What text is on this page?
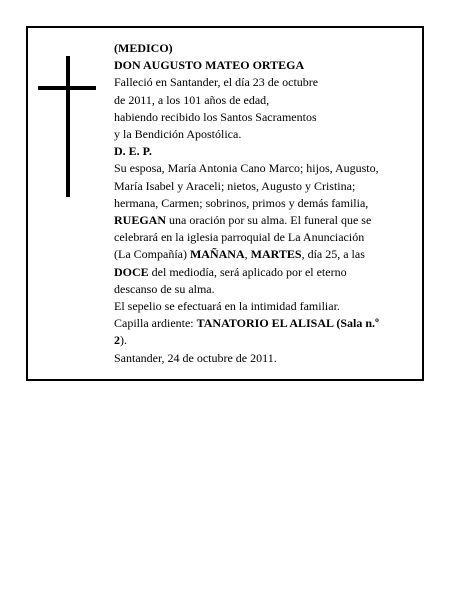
(MEDICO)
DON AUGUSTO MATEO ORTEGA
Falleció en Santander, el día 23 de octubre
de 2011, a los 101 años de edad,
habiendo recibido los Santos Sacramentos
y la Bendición Apostólica.
D. E. P.
Su esposa, María Antonia Cano Marco; hijos, Augusto,
María Isabel y Araceli; nietos, Augusto y Cristina;
hermana, Carmen; sobrinos, primos y demás familia,
RUEGAN una oración por su alma. El funeral que se
celebrará en la iglesia parroquial de La Anunciación
(La Compañía) MAÑANA, MARTES, día 25, a las
DOCE del mediodía, será aplicado por el eterno
descanso de su alma.
El sepelio se efectuará en la intimidad familiar.
Capilla ardiente: TANATORIO EL ALISAL (Sala n.º
2).
Santander, 24 de octubre de 2011.
